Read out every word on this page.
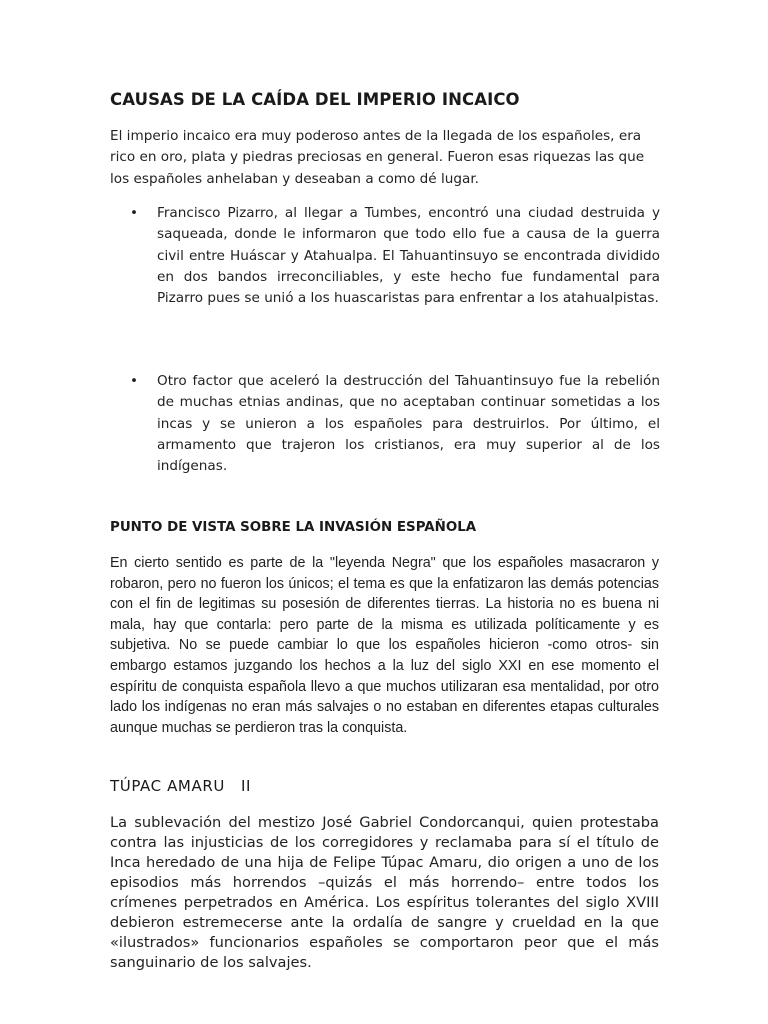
CAUSAS DE LA CAÍDA DEL IMPERIO INCAICO

El imperio incaico era muy poderoso antes de la llegada de los españoles, era rico en oro, plata y piedras preciosas en general. Fueron esas riquezas las que los españoles anhelaban y deseaban a como dé lugar.

• Francisco Pizarro, al llegar a Tumbes, encontró una ciudad destruida y saqueada, donde le informaron que todo ello fue a causa de la guerra civil entre Huáscar y Atahualpa. El Tahuantinsuyo se encontrada dividido en dos bandos irreconciliables, y este hecho fue fundamental para Pizarro pues se unió a los huascaristas para enfrentar a los atahualpistas.

• Otro factor que aceleró la destrucción del Tahuantinsuyo fue la rebelión de muchas etnias andinas, que no aceptaban continuar sometidas a los incas y se unieron a los españoles para destruirlos. Por último, el armamento que trajeron los cristianos, era muy superior al de los indígenas.

PUNTO DE VISTA SOBRE LA INVASIÓN ESPAÑOLA

En cierto sentido es parte de la "leyenda Negra" que los españoles masacraron y robaron, pero no fueron los únicos; el tema es que la enfatizaron las demás potencias con el fin de legitimas su posesión de diferentes tierras. La historia no es buena ni mala, hay que contarla: pero parte de la misma es utilizada políticamente y es subjetiva. No se puede cambiar lo que los españoles hicieron -como otros- sin embargo estamos juzgando los hechos a la luz del siglo XXI en ese momento el espíritu de conquista española llevo a que muchos utilizaran esa mentalidad, por otro lado los indígenas no eran más salvajes o no estaban en diferentes etapas culturales aunque muchas se perdieron tras la conquista.

TÚPAC AMARU   II

La sublevación del mestizo José Gabriel Condorcanqui, quien protestaba contra las injusticias de los corregidores y reclamaba para sí el título de Inca heredado de una hija de Felipe Túpac Amaru, dio origen a uno de los episodios más horrendos –quizás el más horrendo– entre todos los crímenes perpetrados en América. Los espíritus tolerantes del siglo XVIII debieron estremecerse ante la ordalía de sangre y crueldad en la que «ilustrados» funcionarios españoles se comportaron peor que el más sanguinario de los salvajes.
